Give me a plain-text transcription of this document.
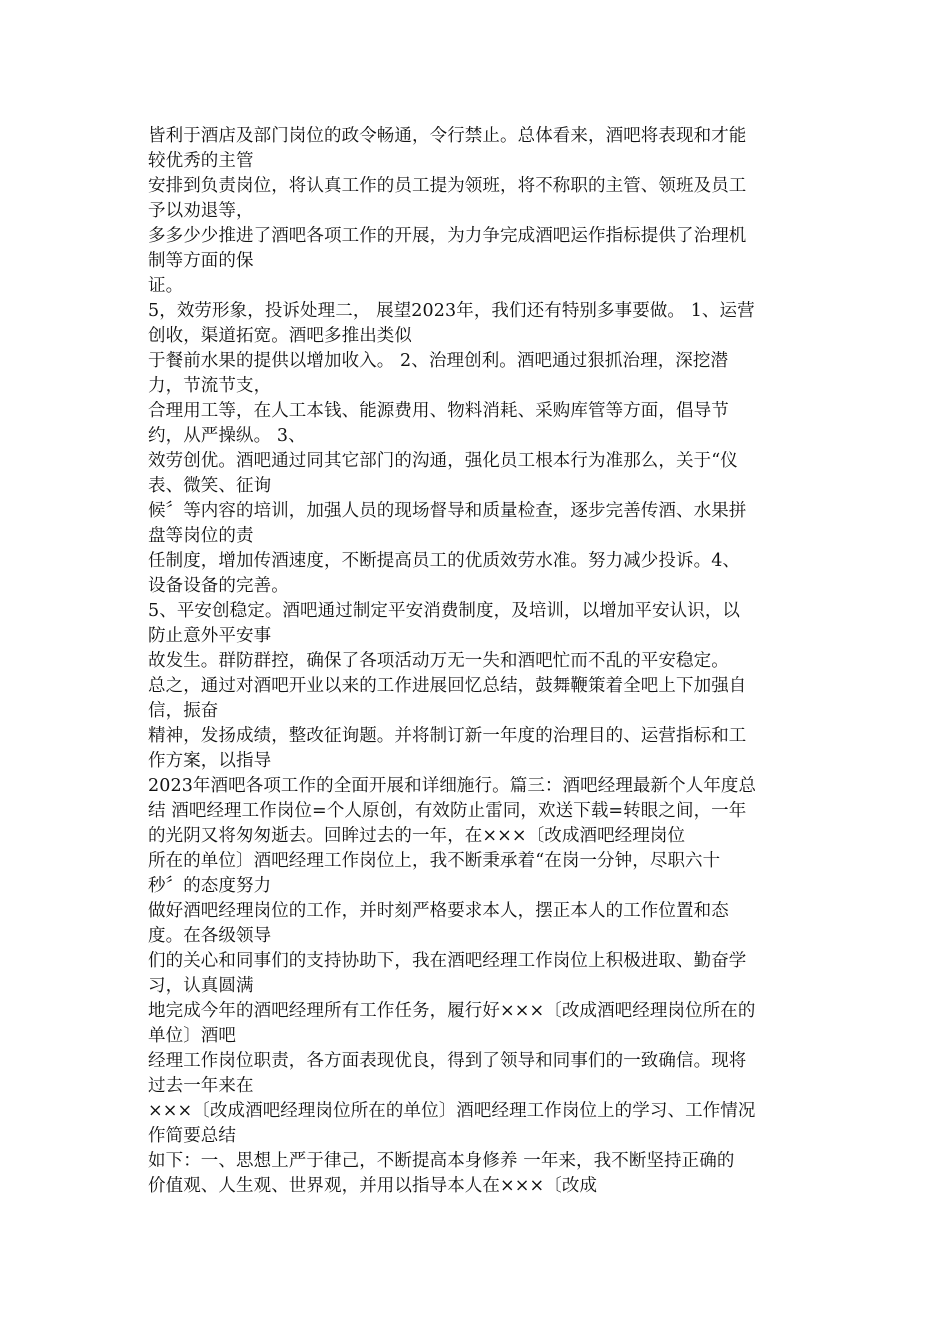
皆利于酒店及部门岗位的政令畅通，令行禁止。总体看来，酒吧将表现和才能

较优秀的主管

安排到负责岗位，将认真工作的员工提为领班，将不称职的主管、领班及员工

予以劝退等，

多多少少推进了酒吧各项工作的开展，为力争完成酒吧运作指标提供了治理机

制等方面的保

证。

5，效劳形象，投诉处理二， 展望2023年，我们还有特别多事要做。 1、运营

创收，渠道拓宽。酒吧多推出类似

于餐前水果的提供以增加收入。 2、治理创利。酒吧通过狠抓治理，深挖潜

力，节流节支，

合理用工等，在人工本钱、能源费用、物料消耗、采购库管等方面，倡导节

约，从严操纵。 3、

效劳创优。酒吧通过同其它部门的沟通，强化员工根本行为准那么，关于“仪

表、微笑、征询

候〞等内容的培训，加强人员的现场督导和质量检查，逐步完善传酒、水果拼

盘等岗位的责

任制度，增加传酒速度，不断提高员工的优质效劳水准。努力减少投诉。4、

设备设备的完善。

5、平安创稳定。酒吧通过制定平安消费制度，及培训，以增加平安认识，以

防止意外平安事

故发生。群防群控，确保了各项活动万无一失和酒吧忙而不乱的平安稳定。

总之，通过对酒吧开业以来的工作进展回忆总结，鼓舞鞭策着全吧上下加强自

信，振奋

精神，发扬成绩，整改征询题。并将制订新一年度的治理目的、运营指标和工

作方案，以指导

2023年酒吧各项工作的全面开展和详细施行。篇三：酒吧经理最新个人年度总

结 酒吧经理工作岗位=个人原创，有效防止雷同，欢送下载=转眼之间，一年

的光阴又将匆匆逝去。回眸过去的一年，在×××〔改成酒吧经理岗位

所在的单位〕酒吧经理工作岗位上，我不断秉承着“在岗一分钟，尽职六十

秒〞的态度努力

做好酒吧经理岗位的工作，并时刻严格要求本人，摆正本人的工作位置和态

度。在各级领导

们的关心和同事们的支持协助下，我在酒吧经理工作岗位上积极进取、勤奋学

习，认真圆满

地完成今年的酒吧经理所有工作任务，履行好×××〔改成酒吧经理岗位所在的

单位〕酒吧

经理工作岗位职责，各方面表现优良，得到了领导和同事们的一致确信。现将

过去一年来在

×××〔改成酒吧经理岗位所在的单位〕酒吧经理工作岗位上的学习、工作情况

作简要总结

如下：一、思想上严于律己，不断提高本身修养 一年来，我不断坚持正确的

价值观、人生观、世界观，并用以指导本人在×××〔改成
